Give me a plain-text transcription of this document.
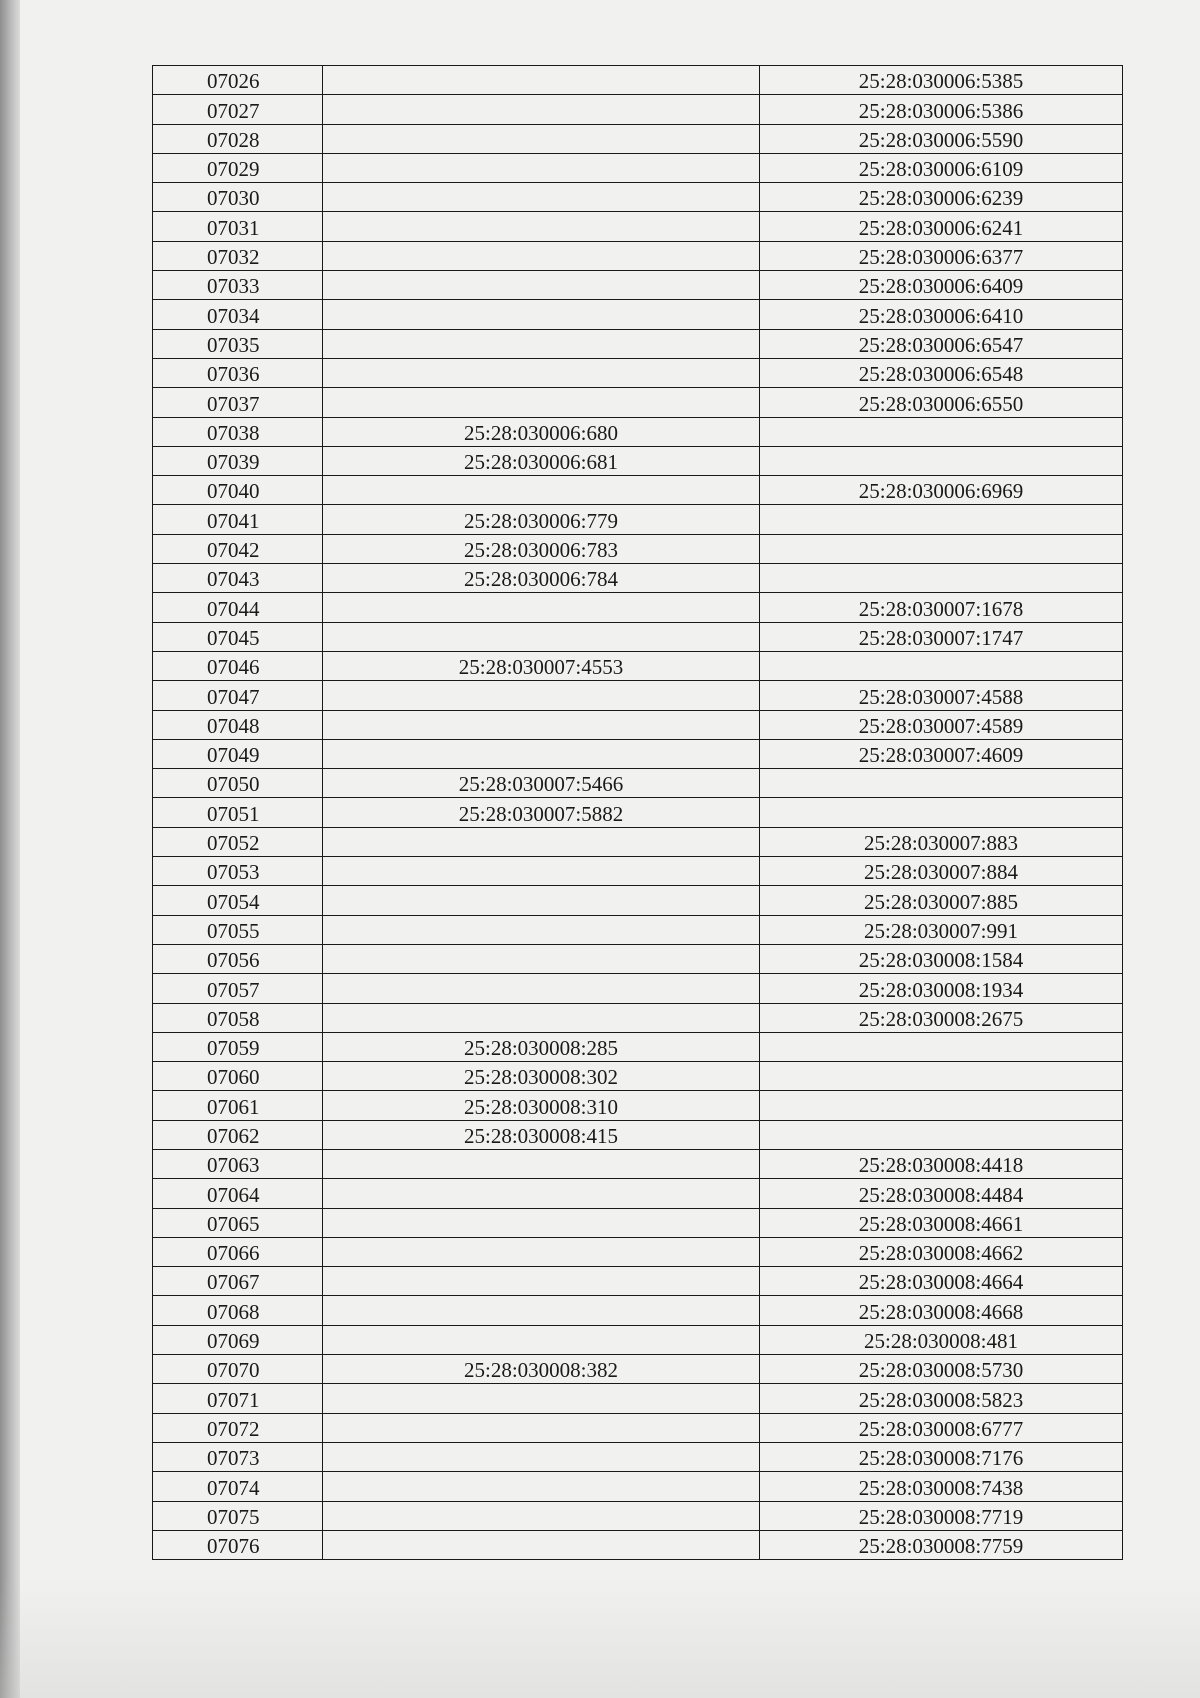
07026		25:28:030006:5385
07027		25:28:030006:5386
07028		25:28:030006:5590
07029		25:28:030006:6109
07030		25:28:030006:6239
07031		25:28:030006:6241
07032		25:28:030006:6377
07033		25:28:030006:6409
07034		25:28:030006:6410
07035		25:28:030006:6547
07036		25:28:030006:6548
07037		25:28:030006:6550
07038	25:28:030006:680	
07039	25:28:030006:681	
07040		25:28:030006:6969
07041	25:28:030006:779	
07042	25:28:030006:783	
07043	25:28:030006:784	
07044		25:28:030007:1678
07045		25:28:030007:1747
07046	25:28:030007:4553	
07047		25:28:030007:4588
07048		25:28:030007:4589
07049		25:28:030007:4609
07050	25:28:030007:5466	
07051	25:28:030007:5882	
07052		25:28:030007:883
07053		25:28:030007:884
07054		25:28:030007:885
07055		25:28:030007:991
07056		25:28:030008:1584
07057		25:28:030008:1934
07058		25:28:030008:2675
07059	25:28:030008:285	
07060	25:28:030008:302	
07061	25:28:030008:310	
07062	25:28:030008:415	
07063		25:28:030008:4418
07064		25:28:030008:4484
07065		25:28:030008:4661
07066		25:28:030008:4662
07067		25:28:030008:4664
07068		25:28:030008:4668
07069		25:28:030008:481
07070	25:28:030008:382	25:28:030008:5730
07071		25:28:030008:5823
07072		25:28:030008:6777
07073		25:28:030008:7176
07074		25:28:030008:7438
07075		25:28:030008:7719
07076		25:28:030008:7759
